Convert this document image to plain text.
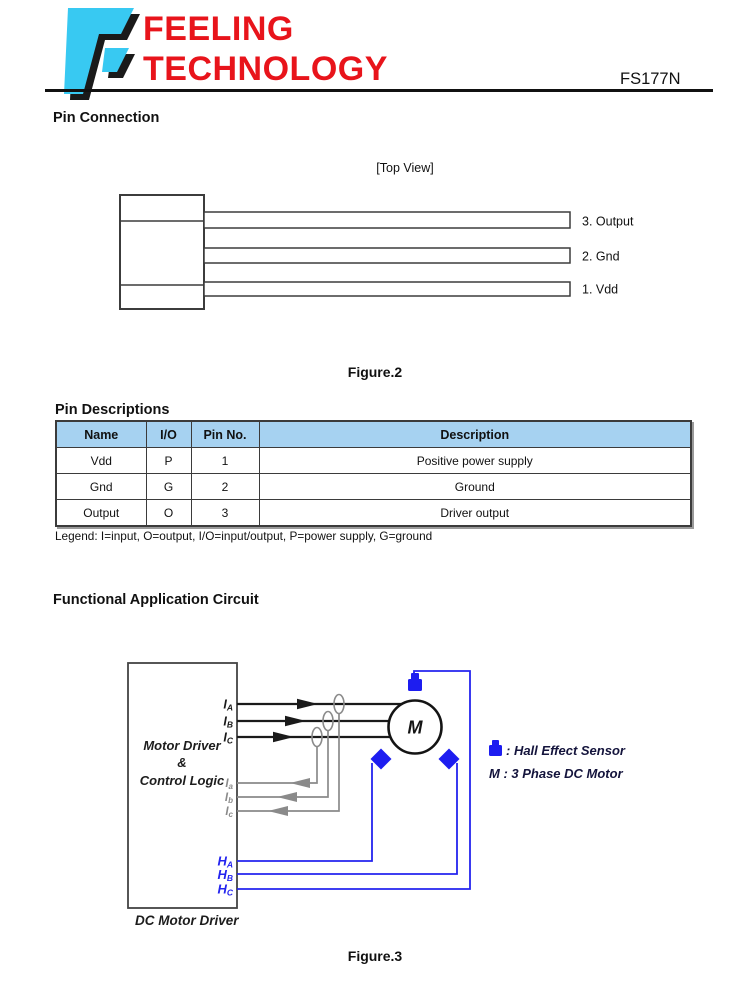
FEELING
TECHNOLOGY	FS177N
Pin Connection
[Top View]
Figure.2
Pin Descriptions
Functional Application Circuit
Figure.3
3. Output
2. Gnd
1. Vdd
Name	I/O	Pin No.	Description
Vdd	P	1	Positive power supply
Gnd	G	2	Ground
Output	O	3	Driver output
Legend: I=input, O=output, I/O=input/output, P=power supply, G=ground
M
Motor Driver
&
Control Logic
DC Motor Driver
IA
IB
IC
Ia
Ib
Ic
HA
HB
HC
: Hall Effect Sensor
M : 3 Phase DC Motor
